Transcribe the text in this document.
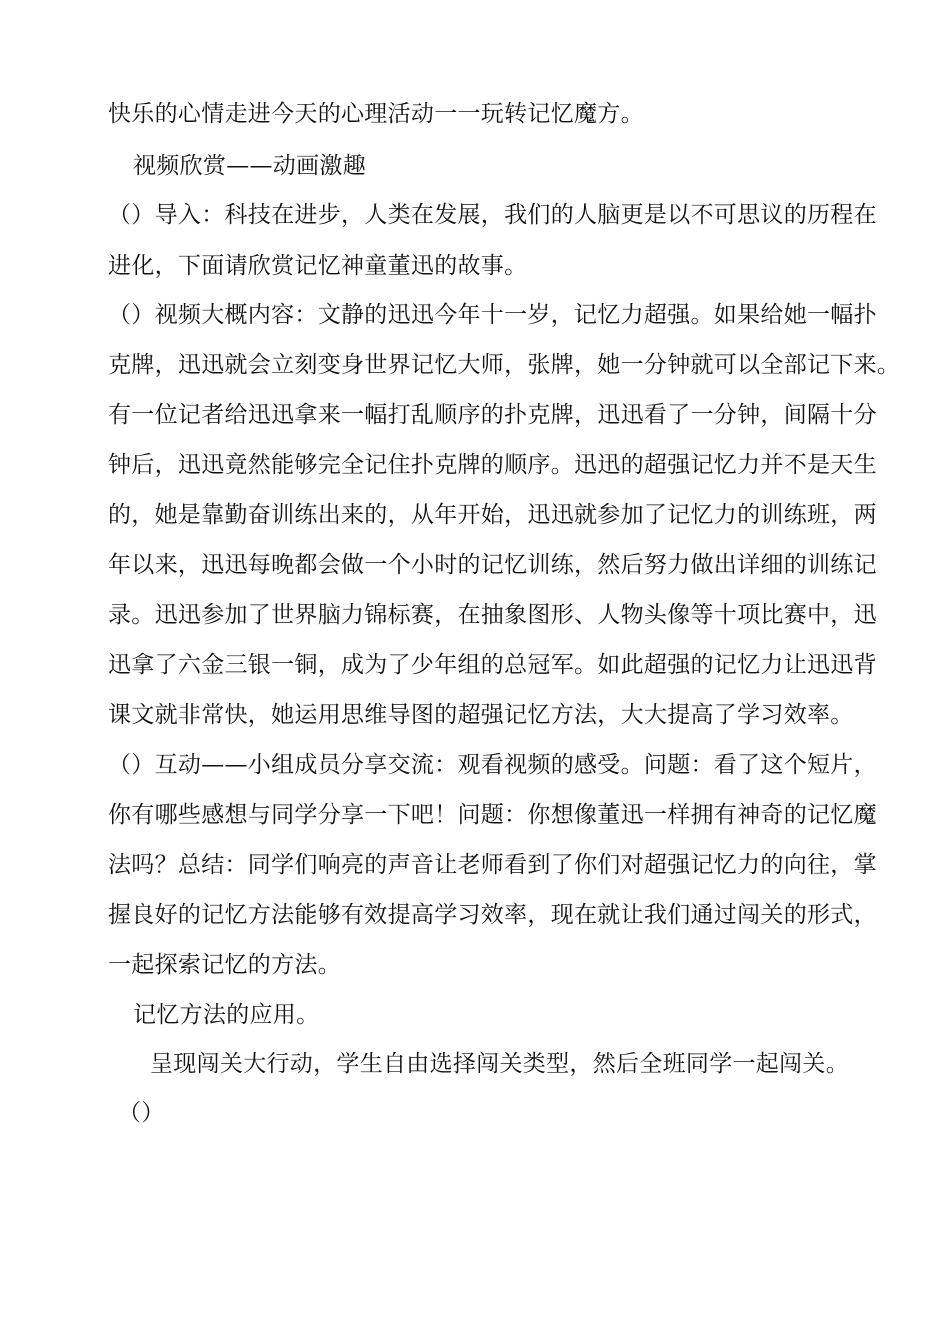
快乐的心情走进今天的心理活动一一玩转记忆魔方。
视频欣赏——动画激趣
（）导入：科技在进步，人类在发展，我们的人脑更是以不可思议的历程在
进化，下面请欣赏记忆神童董迅的故事。
（）视频大概内容：文静的迅迅今年十一岁，记忆力超强。如果给她一幅扑
克牌，迅迅就会立刻变身世界记忆大师，张牌，她一分钟就可以全部记下来。
有一位记者给迅迅拿来一幅打乱顺序的扑克牌，迅迅看了一分钟，间隔十分
钟后，迅迅竟然能够完全记住扑克牌的顺序。迅迅的超强记忆力并不是天生
的，她是靠勤奋训练出来的，从年开始，迅迅就参加了记忆力的训练班，两
年以来，迅迅每晚都会做一个小时的记忆训练，然后努力做出详细的训练记
录。迅迅参加了世界脑力锦标赛，在抽象图形、人物头像等十项比赛中，迅
迅拿了六金三银一铜，成为了少年组的总冠军。如此超强的记忆力让迅迅背
课文就非常快，她运用思维导图的超强记忆方法，大大提高了学习效率。
（）互动——小组成员分享交流：观看视频的感受。问题：看了这个短片，
你有哪些感想与同学分享一下吧！问题：你想像董迅一样拥有神奇的记忆魔
法吗？总结：同学们响亮的声音让老师看到了你们对超强记忆力的向往，掌
握良好的记忆方法能够有效提高学习效率，现在就让我们通过闯关的形式，
一起探索记忆的方法。
记忆方法的应用。
呈现闯关大行动，学生自由选择闯关类型，然后全班同学一起闯关。
（）
